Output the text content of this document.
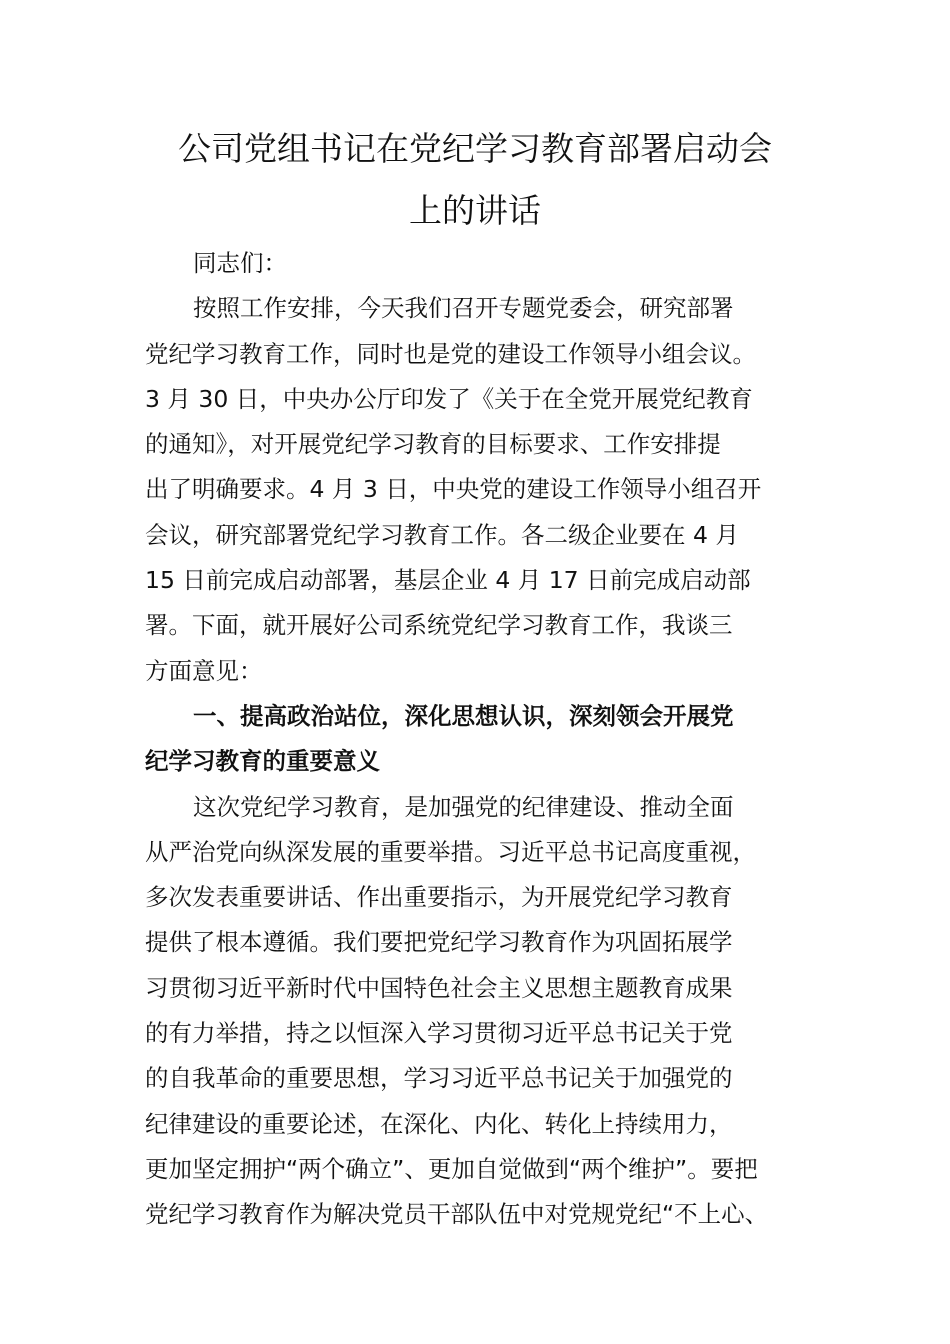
公司党组书记在党纪学习教育部署启动会
上的讲话
同志们：
按照工作安排，今天我们召开专题党委会，研究部署
党纪学习教育工作，同时也是党的建设工作领导小组会议。
3 月 30 日，中央办公厅印发了《关于在全党开展党纪教育
的通知》，对开展党纪学习教育的目标要求、工作安排提
出了明确要求。4 月 3 日，中央党的建设工作领导小组召开
会议，研究部署党纪学习教育工作。各二级企业要在 4 月
15 日前完成启动部署，基层企业 4 月 17 日前完成启动部
署。下面，就开展好公司系统党纪学习教育工作，我谈三
方面意见：
一、提高政治站位，深化思想认识，深刻领会开展党
纪学习教育的重要意义
这次党纪学习教育，是加强党的纪律建设、推动全面
从严治党向纵深发展的重要举措。习近平总书记高度重视，
多次发表重要讲话、作出重要指示，为开展党纪学习教育
提供了根本遵循。我们要把党纪学习教育作为巩固拓展学
习贯彻习近平新时代中国特色社会主义思想主题教育成果
的有力举措，持之以恒深入学习贯彻习近平总书记关于党
的自我革命的重要思想，学习习近平总书记关于加强党的
纪律建设的重要论述，在深化、内化、转化上持续用力，
更加坚定拥护“两个确立”、更加自觉做到“两个维护”。要把
党纪学习教育作为解决党员干部队伍中对党规党纪“不上心、
